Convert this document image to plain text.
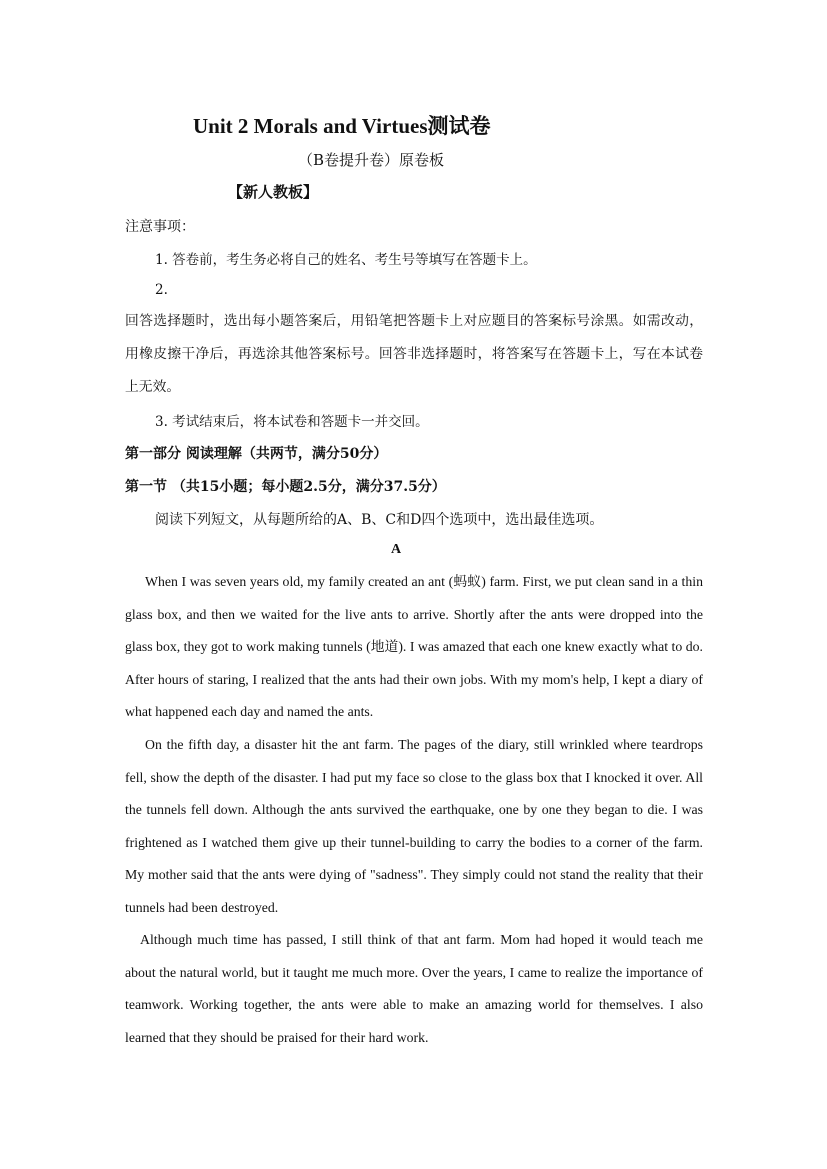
Unit 2 Morals and Virtues测试卷
（B卷提升卷）原卷板
【新人教板】
注意事项：
1. 答卷前，考生务必将自己的姓名、考生号等填写在答题卡上。
2.
回答选择题时，选出每小题答案后，用铅笔把答题卡上对应题目的答案标号涂黑。如需改动，用橡皮擦干净后，再选涂其他答案标号。回答非选择题时，将答案写在答题卡上，写在本试卷上无效。
3. 考试结束后，将本试卷和答题卡一并交回。
第一部分 阅读理解（共两节，满分50分）
第一节 （共15小题；每小题2.5分，满分37.5分）
阅读下列短文，从每题所给的A、B、C和D四个选项中，选出最佳选项。
A

When I was seven years old, my family created an ant (蚂蚁) farm. First, we put clean sand in a thin glass box, and then we waited for the live ants to arrive. Shortly after the ants were dropped into the glass box, they got to work making tunnels (地道). I was amazed that each one knew exactly what to do. After hours of staring, I realized that the ants had their own jobs. With my mom's help, I kept a diary of what happened each day and named the ants.

On the fifth day, a disaster hit the ant farm. The pages of the diary, still wrinkled where teardrops fell, show the depth of the disaster. I had put my face so close to the glass box that I knocked it over. All the tunnels fell down. Although the ants survived the earthquake, one by one they began to die. I was frightened as I watched them give up their tunnel-building to carry the bodies to a corner of the farm. My mother said that the ants were dying of "sadness". They simply could not stand the reality that their tunnels had been destroyed.

Although much time has passed, I still think of that ant farm. Mom had hoped it would teach me about the natural world, but it taught me much more. Over the years, I came to realize the importance of teamwork. Working together, the ants were able to make an amazing world for themselves. I also learned that they should be praised for their hard work.
